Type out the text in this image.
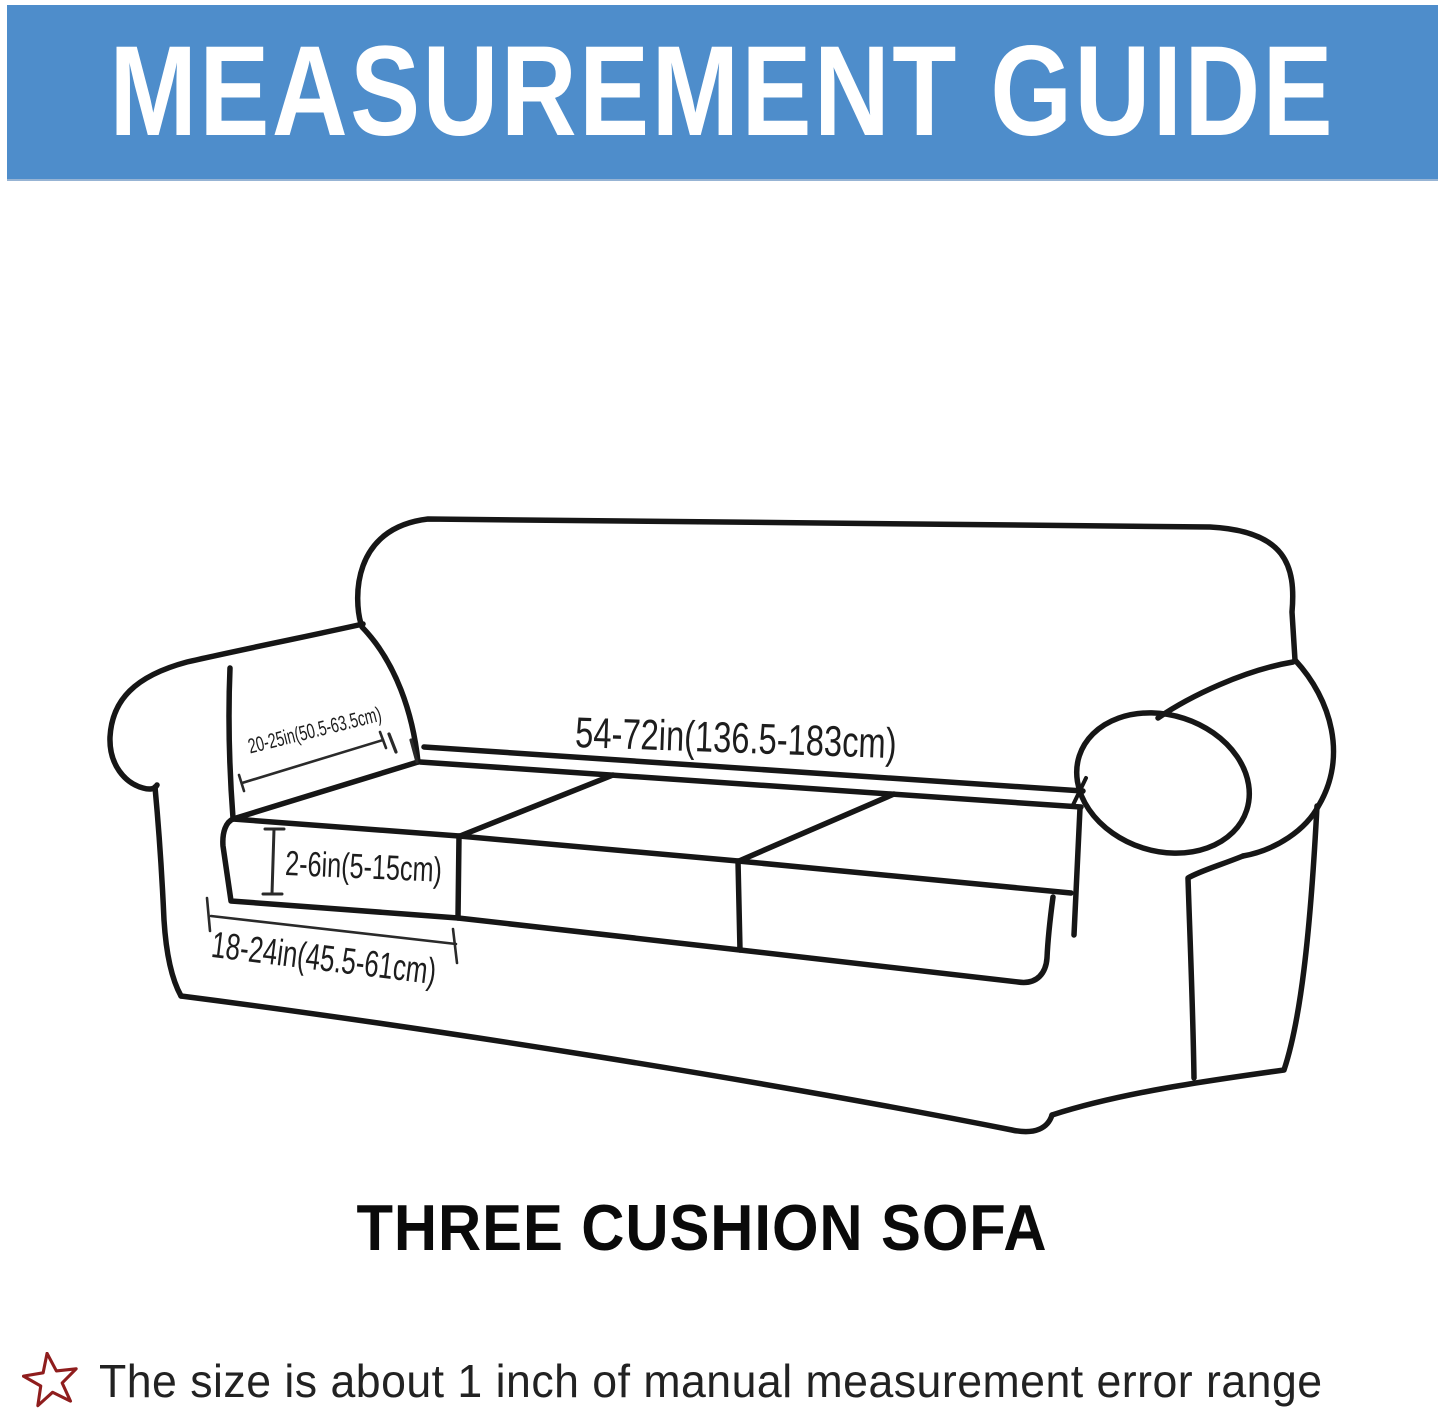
MEASUREMENT GUIDE
20-25in(50.5-63.5cm)	54-72in(136.5-183cm)
2-6in(5-15cm)
18-24in(45.5-61cm)
THREE CUSHION SOFA
The size is about 1 inch of manual measurement error range
